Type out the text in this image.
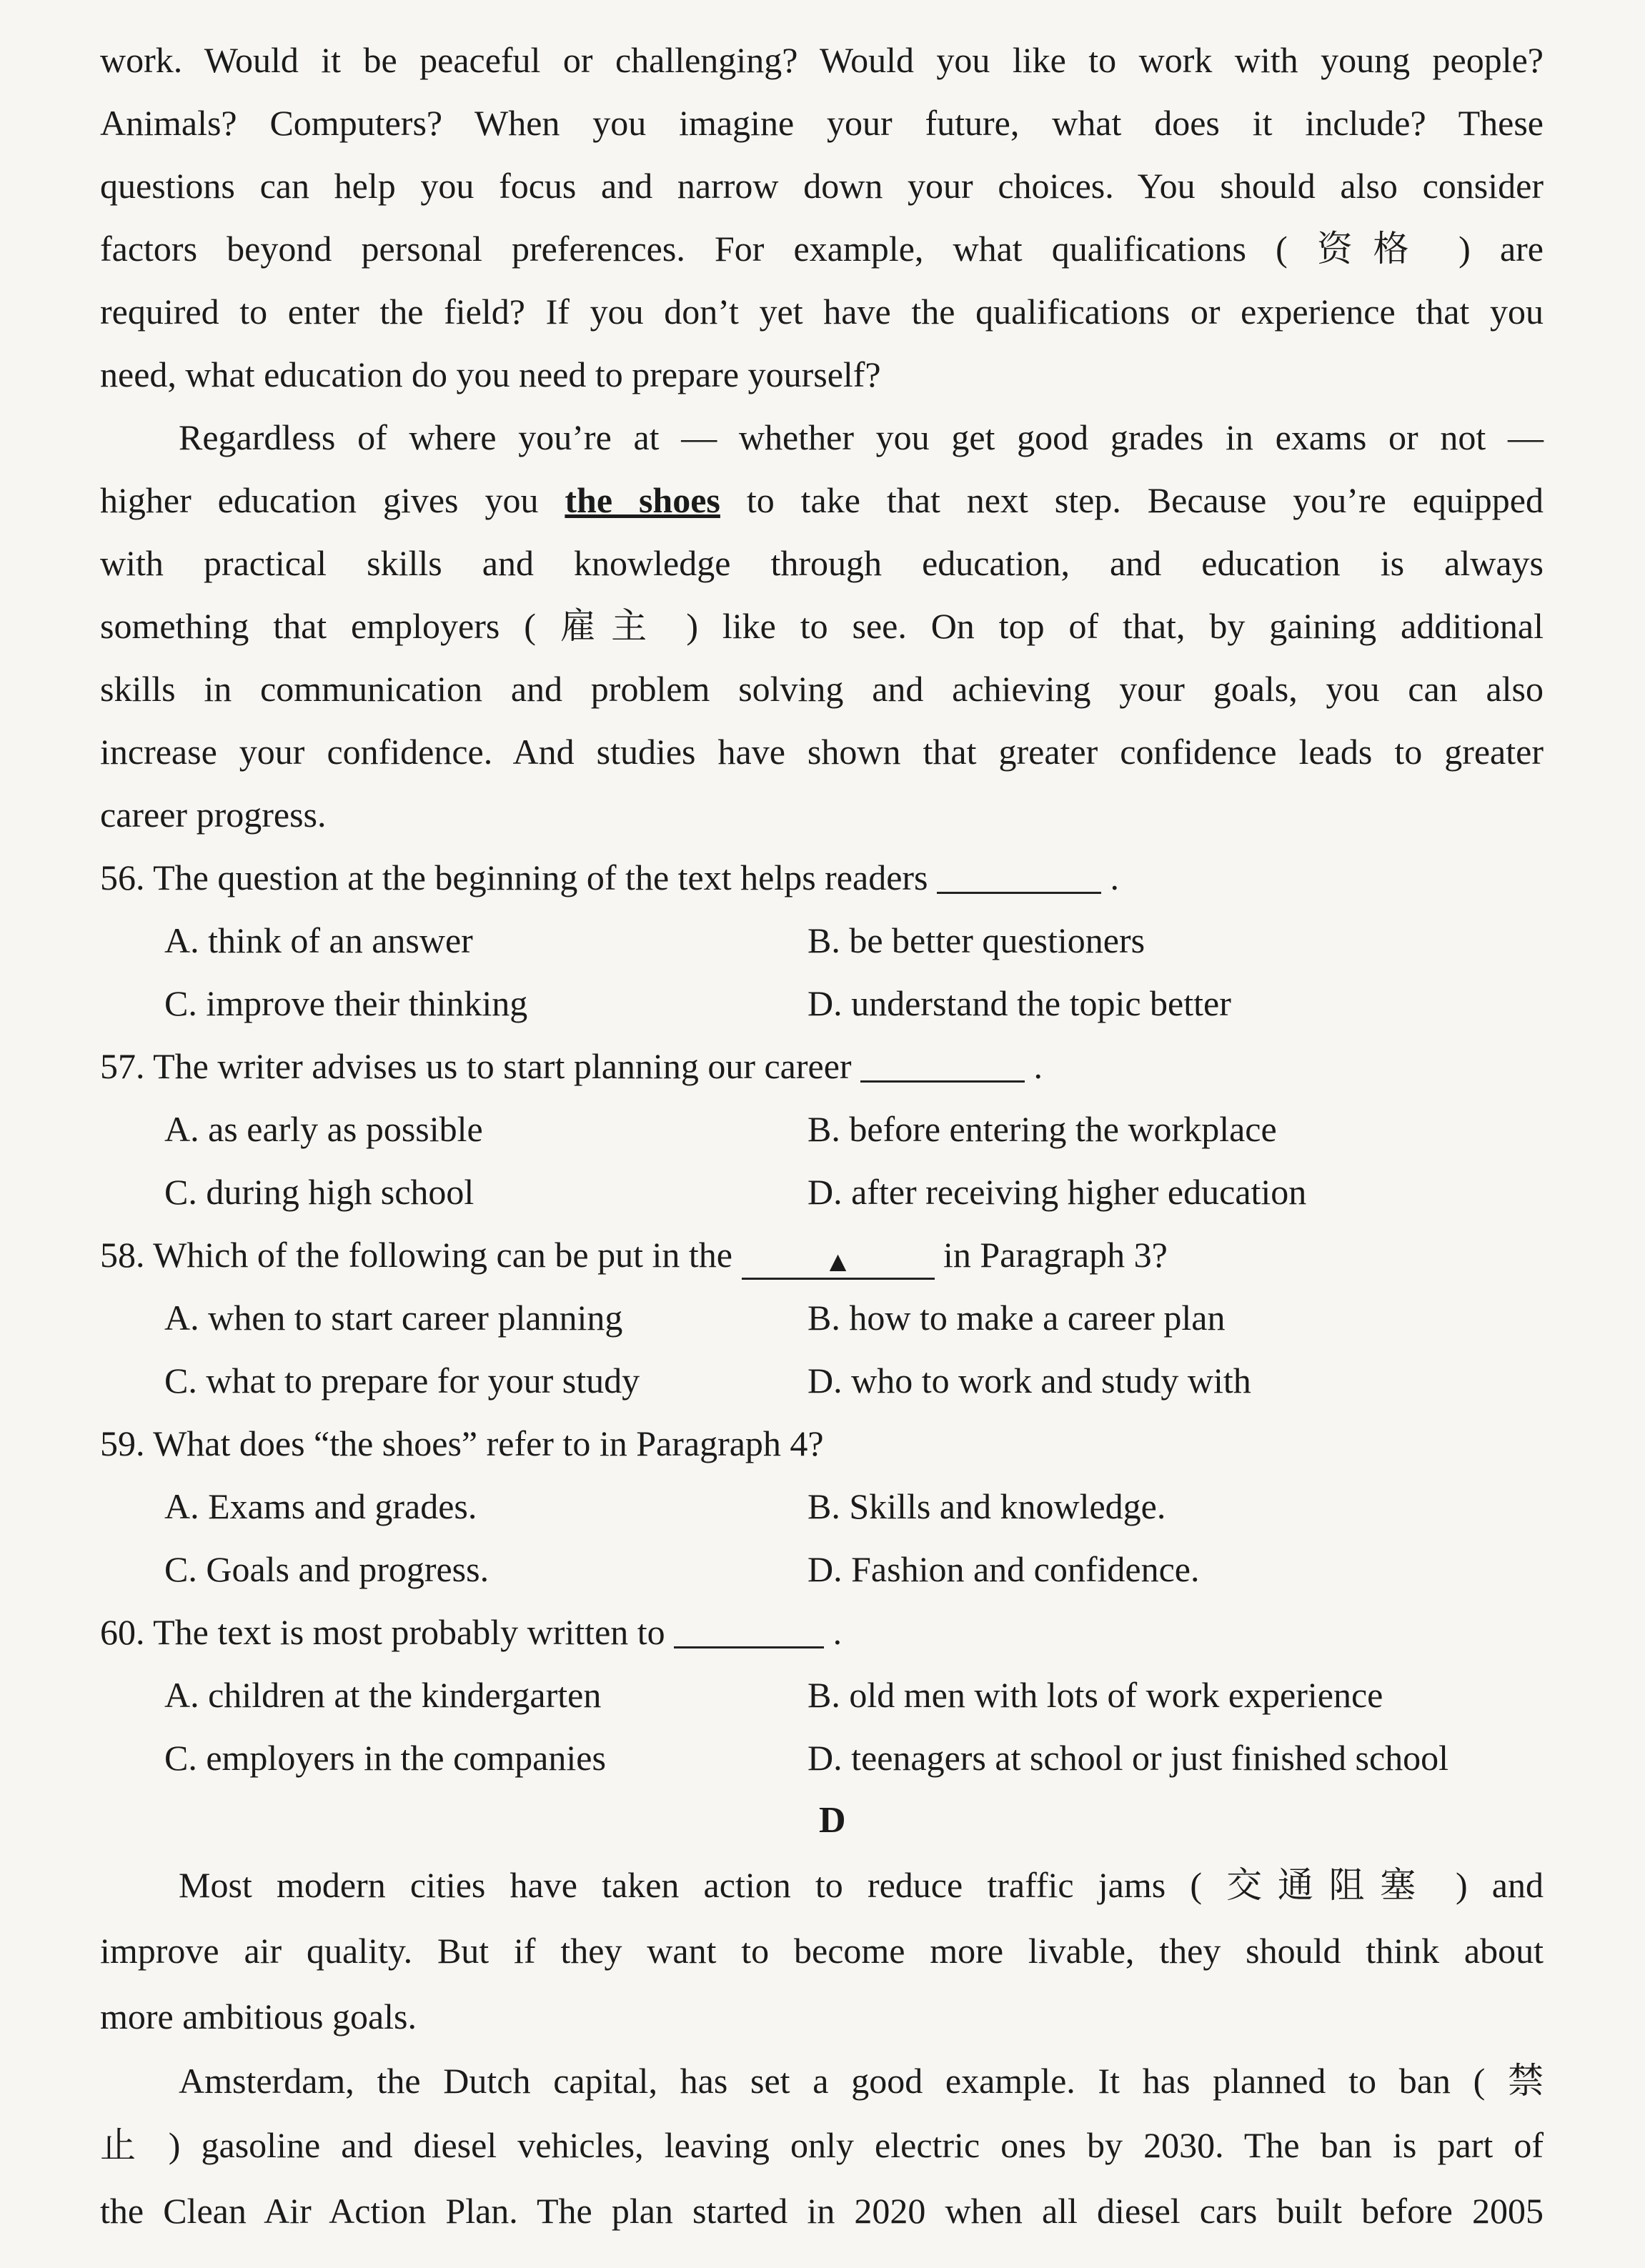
work. Would it be peaceful or challenging? Would you like to work with young people?
Animals? Computers? When you imagine your future, what does it include? These
questions can help you focus and narrow down your choices. You should also consider
factors beyond personal preferences. For example, what qualifications ( 资格 ) are
required to enter the field? If you don’t yet have the qualifications or experience that you
need, what education do you need to prepare yourself?
Regardless of where you’re at — whether you get good grades in exams or not —
higher education gives you the shoes to take that next step. Because you’re equipped
with practical skills and knowledge through education, and education is always
something that employers ( 雇主 ) like to see. On top of that, by gaining additional
skills in communication and problem solving and achieving your goals, you can also
increase your confidence. And studies have shown that greater confidence leads to greater
career progress.
56. The question at the beginning of the text helps readers	.
A. think of an answer	B. be better questioners
C. improve their thinking	D. understand the topic better
57. The writer advises us to start planning our career	.
A. as early as possible	B. before entering the workplace
C. during high school	D. after receiving higher education
58. Which of the following can be put in the	▲	in Paragraph 3?
A. when to start career planning	B. how to make a career plan
C. what to prepare for your study	D. who to work and study with
59. What does “the shoes” refer to in Paragraph 4?
A. Exams and grades.	B. Skills and knowledge.
C. Goals and progress.	D. Fashion and confidence.
60. The text is most probably written to	.
A. children at the kindergarten	B. old men with lots of work experience
C. employers in the companies	D. teenagers at school or just finished school
D
Most modern cities have taken action to reduce traffic jams ( 交通阻塞 ) and
improve air quality. But if they want to become more livable, they should think about
more ambitious goals.
Amsterdam, the Dutch capital, has set a good example. It has planned to ban ( 禁
止 ) gasoline and diesel vehicles, leaving only electric ones by 2030. The ban is part of
the Clean Air Action Plan. The plan started in 2020 when all diesel cars built before 2005
